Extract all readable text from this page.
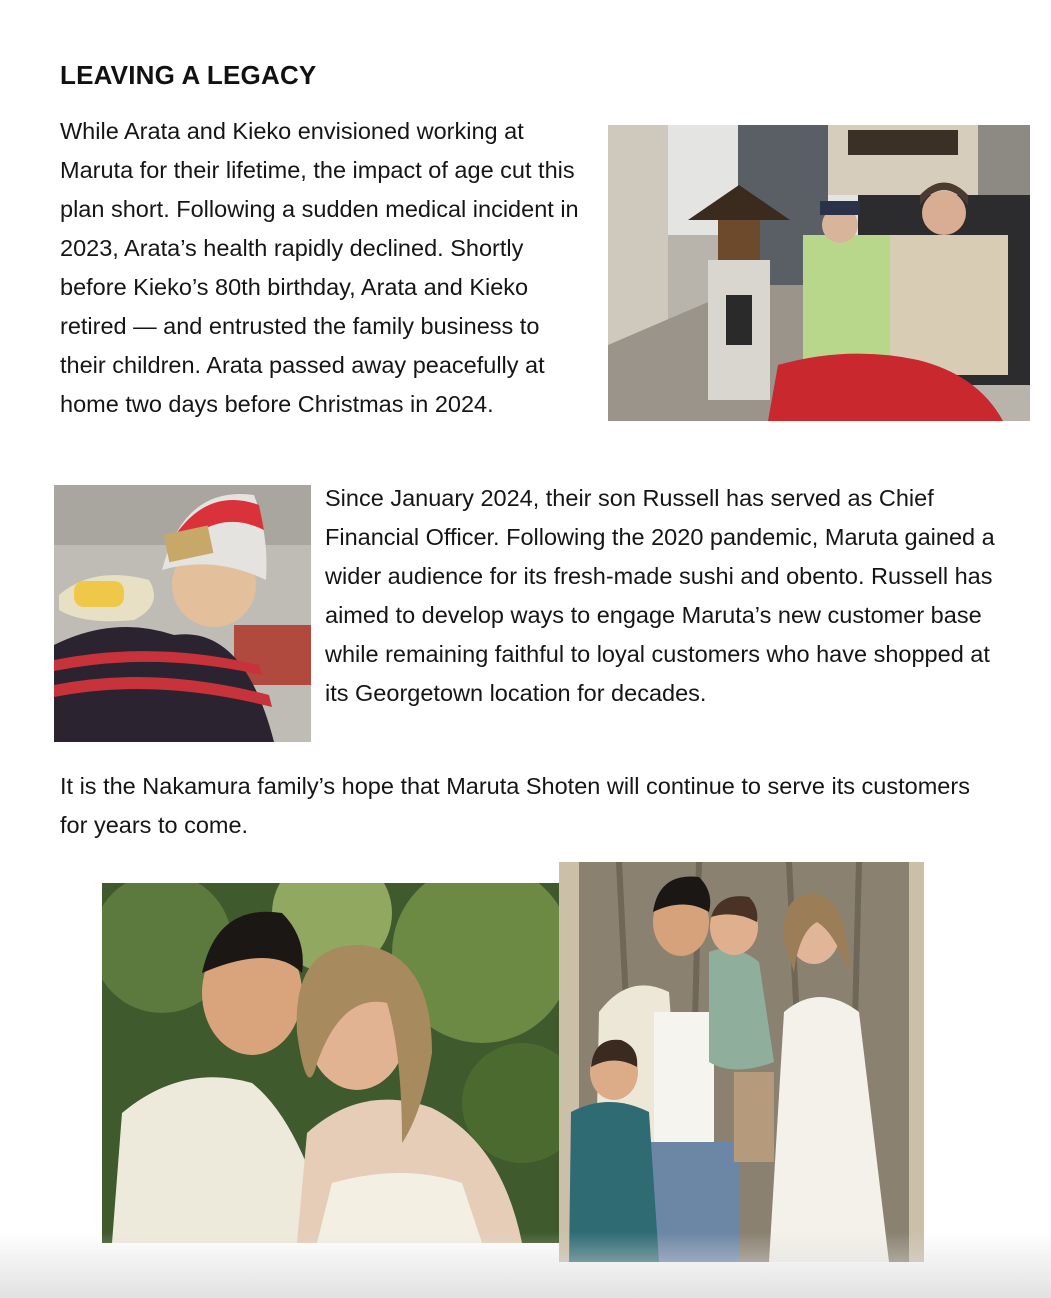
LEAVING A LEGACY

While Arata and Kieko envisioned working at Maruta for their lifetime, the impact of age cut this plan short. Following a sudden medical incident in 2023, Arata’s health rapidly declined. Shortly before Kieko’s 80th birthday, Arata and Kieko retired — and entrusted the family business to their children. Arata passed away peacefully at home two days before Christmas in 2024.

Since January 2024, their son Russell has served as Chief Financial Officer. Following the 2020 pandemic, Maruta gained a wider audience for its fresh-made sushi and obento. Russell has aimed to develop ways to engage Maruta’s new customer base while remaining faithful to loyal customers who have shopped at its Georgetown location for decades.

It is the Nakamura family’s hope that Maruta Shoten will continue to serve its customers for years to come.
